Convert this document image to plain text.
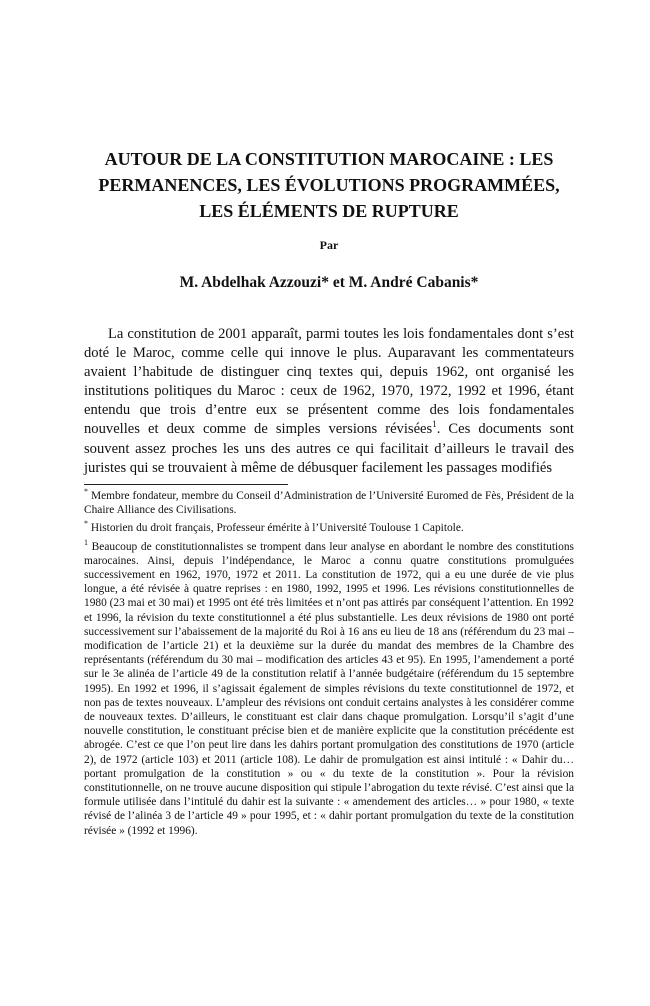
AUTOUR DE LA CONSTITUTION MAROCAINE : LES PERMANENCES, LES ÉVOLUTIONS PROGRAMMÉES, LES ÉLÉMENTS DE RUPTURE

Par

M. Abdelhak Azzouzi* et M. André Cabanis*

La constitution de 2001 apparaît, parmi toutes les lois fondamentales dont s’est doté le Maroc, comme celle qui innove le plus. Auparavant les commentateurs avaient l’habitude de distinguer cinq textes qui, depuis 1962, ont organisé les institutions politiques du Maroc : ceux de 1962, 1970, 1972, 1992 et 1996, étant entendu que trois d’entre eux se présentent comme des lois fondamentales nouvelles et deux comme de simples versions révisées$^1$. Ces documents sont souvent assez proches les uns des autres ce qui facilitait d’ailleurs le travail des juristes qui se trouvaient à même de débusquer facilement les passages modifiés

* Membre fondateur, membre du Conseil d’Administration de l’Université Euromed de Fès, Président de la Chaire Alliance des Civilisations.

* Historien du droit français, Professeur émérite à l’Université Toulouse 1 Capitole.

$^1$ Beaucoup de constitutionnalistes se trompent dans leur analyse en abordant le nombre des constitutions marocaines. Ainsi, depuis l’indépendance, le Maroc a connu quatre constitutions promulguées successivement en 1962, 1970, 1972 et 2011. La constitution de 1972, qui a eu une durée de vie plus longue, a été révisée à quatre reprises : en 1980, 1992, 1995 et 1996. Les révisions constitutionnelles de 1980 (23 mai et 30 mai) et 1995 ont été très limitées et n’ont pas attirés par conséquent l’attention. En 1992 et 1996, la révision du texte constitutionnel a été plus substantielle. Les deux révisions de 1980 ont porté successivement sur l’abaissement de la majorité du Roi à 16 ans eu lieu de 18 ans (référendum du 23 mai – modification de l’article 21) et la deuxième sur la durée du mandat des membres de la Chambre des représentants (référendum du 30 mai – modification des articles 43 et 95). En 1995, l’amendement a porté sur le 3e alinéa de l’article 49 de la constitution relatif à l’année budgétaire (référendum du 15 septembre 1995). En 1992 et 1996, il s’agissait également de simples révisions du texte constitutionnel de 1972, et non pas de textes nouveaux. L’ampleur des révisions ont conduit certains analystes à les considérer comme de nouveaux textes. D’ailleurs, le constituant est clair dans chaque promulgation. Lorsqu’il s’agit d’une nouvelle constitution, le constituant précise bien et de manière explicite que la constitution précédente est abrogée. C’est ce que l’on peut lire dans les dahirs portant promulgation des constitutions de 1970 (article 2), de 1972 (article 103) et 2011 (article 108). Le dahir de promulgation est ainsi intitulé : « Dahir du… portant promulgation de la constitution » ou « du texte de la constitution ». Pour la révision constitutionnelle, on ne trouve aucune disposition qui stipule l’abrogation du texte révisé. C’est ainsi que la formule utilisée dans l’intitulé du dahir est la suivante : « amendement des articles… » pour 1980, « texte révisé de l’alinéa 3 de l’article 49 » pour 1995, et : « dahir portant promulgation du texte de la constitution révisée » (1992 et 1996).
